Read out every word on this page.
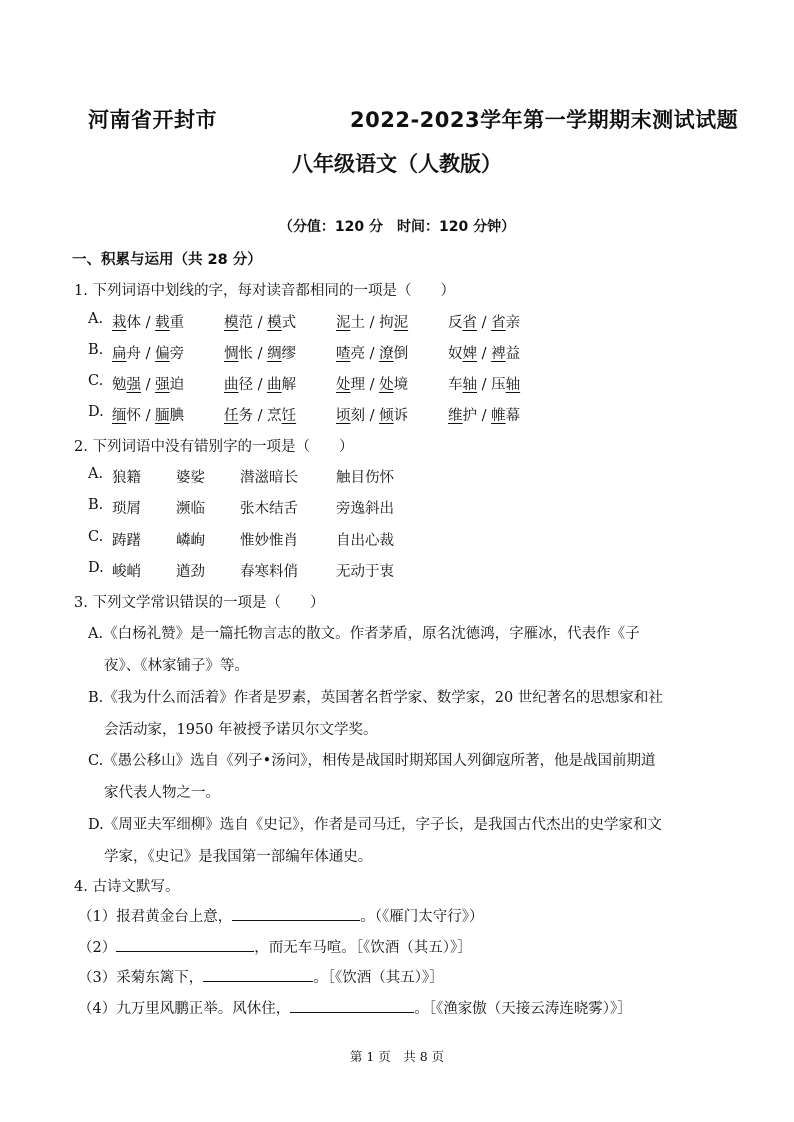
河南省开封市	2022-2023学年第一学期期末测试试题
八年级语文（人教版）
（分值：120 分　时间：120 分钟）
一、积累与运用（共 28 分）
1. 下列词语中划线的字，每对读音都相同的一项是（　　）
A. 栽体 / 载重	模范 / 模式	泥土 / 拘泥	反省 / 省亲
B. 扁舟 / 偏旁	惆怅 / 绸缪	喳亮 / 潦倒	奴婢 / 裨益
C. 勉强 / 强迫	曲径 / 曲解	处理 / 处境	车轴 / 压轴
D. 缅怀 / 腼腆	任务 / 烹饪	顷刻 / 倾诉	维护 / 帷幕
2. 下列词语中没有错别字的一项是（　　）
A. 狼籍 婆娑 潜滋暗长	触目伤怀
B. 琐屑 濒临 张木结舌	旁逸斜出
C. 踌躇 嶙峋 惟妙惟肖	自出心裁
D. 峻峭 遒劲 春寒料俏	无动于衷
3. 下列文学常识错误的一项是（　　）
A.《白杨礼赞》是一篇托物言志的散文。作者茅盾，原名沈德鸿，字雁冰，代表作《子
夜》、《林家铺子》等。
B.《我为什么而活着》作者是罗素，英国著名哲学家、数学家，20 世纪著名的思想家和社
会活动家，1950 年被授予诺贝尔文学奖。
C.《愚公移山》选自《列子•汤问》，相传是战国时期郑国人列御寇所著，他是战国前期道
家代表人物之一。
D.《周亚夫军细柳》选自《史记》，作者是司马迁，字子长，是我国古代杰出的史学家和文
学家，《史记》是我国第一部编年体通史。
4. 古诗文默写。
（1）报君黄金台上意，	。（《雁门太守行》）
（2）	，而无车马喧。［《饮酒（其五）》］
（3）采菊东篱下，	。［《饮酒（其五）》］
（4）九万里风鹏正举。风休住，	。［《渔家傲（天接云涛连晓雾）》］
第 1 页　共 8 页
